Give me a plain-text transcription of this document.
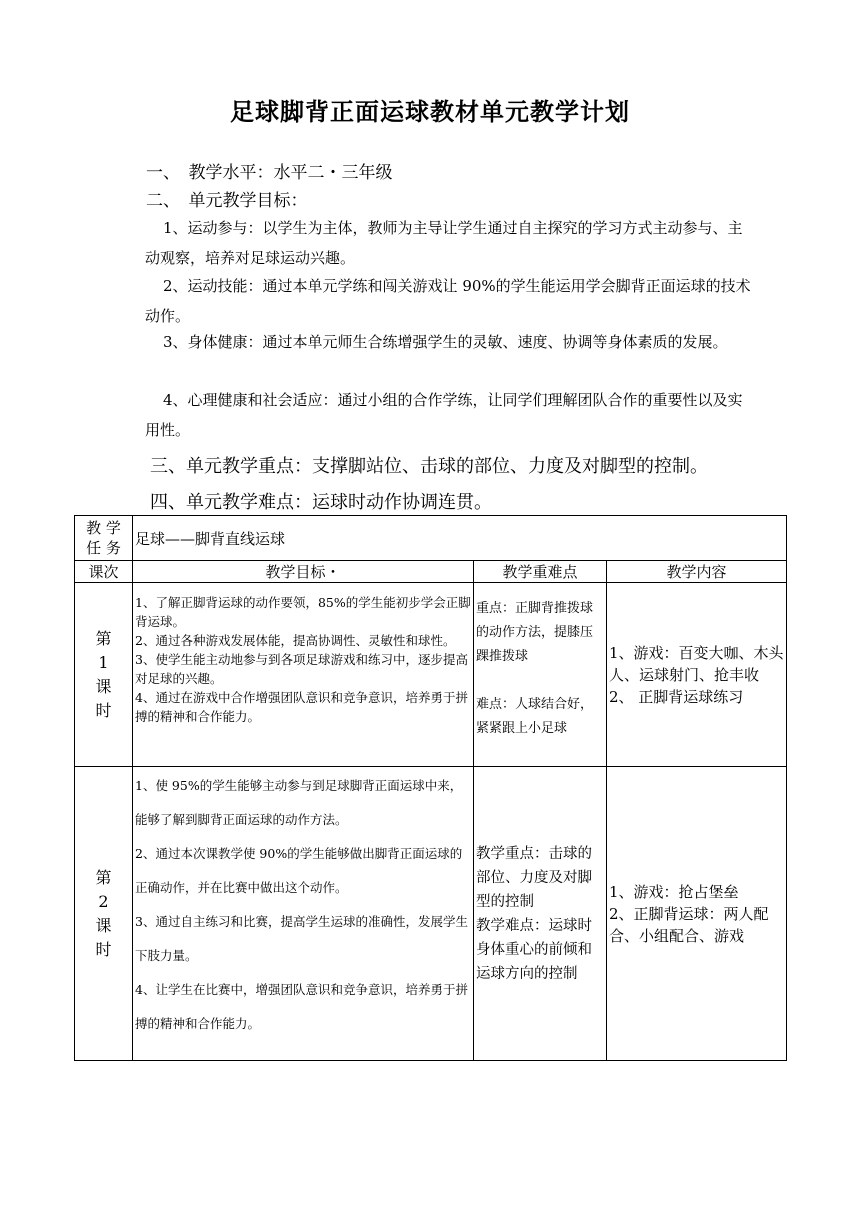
足球脚背正面运球教材单元教学计划
一、　教学水平：水平二・三年级
二、　单元教学目标：

1、运动参与：以学生为主体，教师为主导让学生通过自主探究的学习方式主动参与、主动观察，培养对足球运动兴趣。

2、运动技能：通过本单元学练和闯关游戏让 90%的学生能运用学会脚背正面运球的技术动作。

3、身体健康：通过本单元师生合练增强学生的灵敏、速度、协调等身体素质的发展。

4、心理健康和社会适应：通过小组的合作学练，让同学们理解团队合作的重要性以及实用性。

三、单元教学重点：支撑脚站位、击球的部位、力度及对脚型的控制。
四、单元教学难点：运球时动作协调连贯。
教 学
任 务	足球——脚背直线运球		
课次	教学目标・	教学重难点	教学内容
第
1
课
时	1、了解正脚背运球的动作要领，85%的学生能初步学会正脚背运球。
2、通过各种游戏发展体能，提高协调性、灵敏性和球性。
3、使学生能主动地参与到各项足球游戏和练习中，逐步提高对足球的兴趣。
4、通过在游戏中合作增强团队意识和竞争意识，培养勇于拼搏的精神和合作能力。	重点：正脚背推拨球的动作方法，提膝压踝推拨球

难点：人球结合好，紧紧跟上小足球	1、游戏：百变大咖、木头人、运球射门、抢丰收
2、 正脚背运球练习
第
2
课
时	1、使 95%的学生能够主动参与到足球脚背正面运球中来，能够了解到脚背正面运球的动作方法。
2、通过本次课教学使 90%的学生能够做出脚背正面运球的正确动作，并在比赛中做出这个动作。
3、通过自主练习和比赛，提高学生运球的准确性，发展学生下肢力量。
4、让学生在比赛中，增强团队意识和竞争意识，培养勇于拼搏的精神和合作能力。	教学重点：击球的部位、力度及对脚型的控制
教学难点：运球时身体重心的前倾和运球方向的控制	1、游戏：抢占堡垒
2、正脚背运球：两人配合、小组配合、游戏
